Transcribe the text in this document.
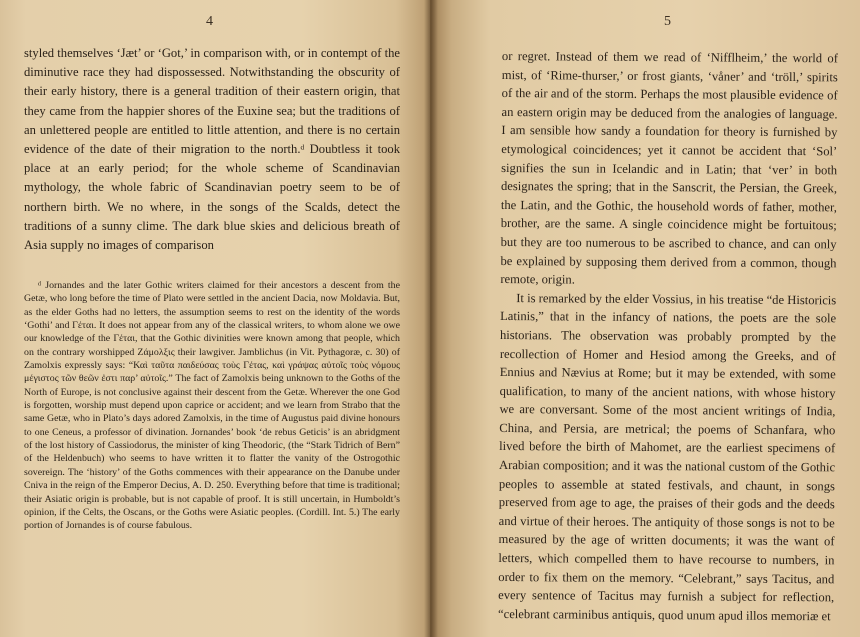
4

styled themselves ‘Jæt’ or ‘Got,’ in comparison with, or in contempt of the diminutive race they had dispossessed. Notwithstanding the obscurity of their early history, there is a general tradition of their eastern origin, that they came from the happier shores of the Euxine sea; but the traditions of an unlettered people are entitled to little attention, and there is no certain evidence of the date of their migration to the north.ᵈ Doubtless it took place at an early period; for the whole scheme of Scandinavian mythology, the whole fabric of Scandinavian poetry seem to be of northern birth. We no where, in the songs of the Scalds, detect the traditions of a sunny clime. The dark blue skies and delicious breath of Asia supply no images of comparison

ᵈ Jornandes and the later Gothic writers claimed for their ancestors a descent from the Getæ, who long before the time of Plato were settled in the ancient Dacia, now Moldavia. But, as the elder Goths had no letters, the assumption seems to rest on the identity of the words ‘Gothi’ and Γέται. It does not appear from any of the classical writers, to whom alone we owe our knowledge of the Γέται, that the Gothic divinities were known among that people, which on the contrary worshipped Ζάμολξις their lawgiver. Jamblichus (in Vit. Pythagoræ, c. 30) of Zamolxis expressly says: “Καὶ ταῦτα παιδεύσας τοὺς Γέτας, καὶ γράψας αὐτοῖς τοὺς νόμους μέγιστος τῶν θεῶν ἐστι παρ’ αὐτοῖς.” The fact of Zamolxis being unknown to the Goths of the North of Europe, is not conclusive against their descent from the Getæ. Wherever the one God is forgotten, worship must depend upon caprice or accident; and we learn from Strabo that the same Getæ, who in Plato’s days adored Zamolxis, in the time of Augustus paid divine honours to one Ceneus, a professor of divination. Jornandes’ book ‘de rebus Geticis’ is an abridgment of the lost history of Cassiodorus, the minister of king Theodoric, (the “Stark Tidrich of Bern” of the Heldenbuch) who seems to have written it to flatter the vanity of the Ostrogothic sovereign. The ‘history’ of the Goths commences with their appearance on the Danube under Cniva in the reign of the Emperor Decius, A. D. 250. Everything before that time is traditional; their Asiatic origin is probable, but is not capable of proof. It is still uncertain, in Humboldt’s opinion, if the Celts, the Oscans, or the Goths were Asiatic peoples. (Cordill. Int. 5.) The early portion of Jornandes is of course fabulous.

5

or regret. Instead of them we read of ‘Nifflheim,’ the world of mist, of ‘Rime-thurser,’ or frost giants, ‘våner’ and ‘tröll,’ spirits of the air and of the storm. Perhaps the most plausible evidence of an eastern origin may be deduced from the analogies of language. I am sensible how sandy a foundation for theory is furnished by etymological coincidences; yet it cannot be accident that ‘Sol’ signifies the sun in Icelandic and in Latin; that ‘ver’ in both designates the spring; that in the Sanscrit, the Persian, the Greek, the Latin, and the Gothic, the household words of father, mother, brother, are the same. A single coincidence might be fortuitous; but they are too numerous to be ascribed to chance, and can only be explained by supposing them derived from a common, though remote, origin.

It is remarked by the elder Vossius, in his treatise “de Historicis Latinis,” that in the infancy of nations, the poets are the sole historians. The observation was probably prompted by the recollection of Homer and Hesiod among the Greeks, and of Ennius and Nævius at Rome; but it may be extended, with some qualification, to many of the ancient nations, with whose history we are conversant. Some of the most ancient writings of India, China, and Persia, are metrical; the poems of Schanfara, who lived before the birth of Mahomet, are the earliest specimens of Arabian composition; and it was the national custom of the Gothic peoples to assemble at stated festivals, and chaunt, in songs preserved from age to age, the praises of their gods and the deeds and virtue of their heroes. The antiquity of those songs is not to be measured by the age of written documents; it was the want of letters, which compelled them to have recourse to numbers, in order to fix them on the memory. “Celebrant,” says Tacitus, and every sentence of Tacitus may furnish a subject for reflection, “celebrant carminibus antiquis, quod unum apud illos memoriæ et
